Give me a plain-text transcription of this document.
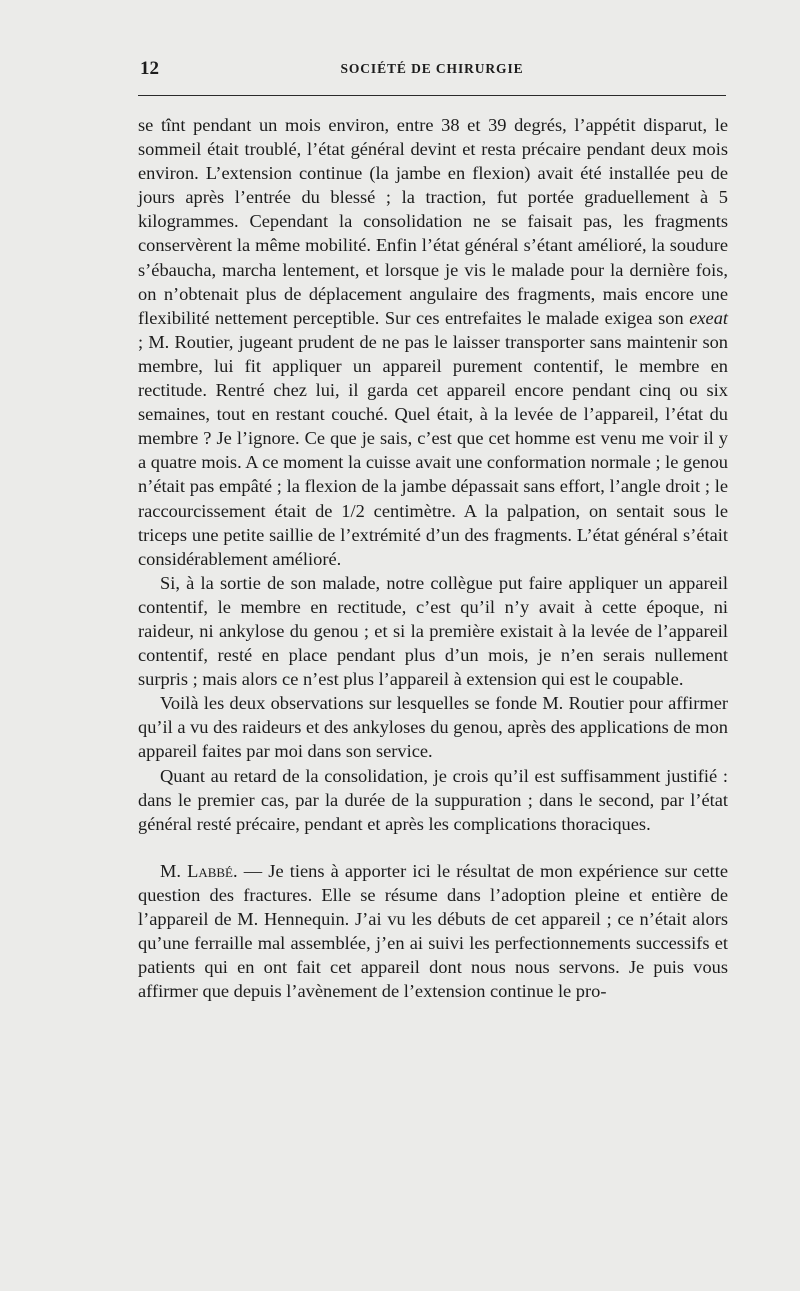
12	SOCIÉTÉ DE CHIRURGIE

se tînt pendant un mois environ, entre 38 et 39 degrés, l’appétit disparut, le sommeil était troublé, l’état général devint et resta précaire pendant deux mois environ. L’extension continue (la jambe en flexion) avait été installée peu de jours après l’entrée du blessé ; la traction, fut portée graduellement à 5 kilogrammes. Cependant la consolidation ne se faisait pas, les fragments conservèrent la même mobilité. Enfin l’état général s’étant amélioré, la soudure s’ébaucha, marcha lentement, et lorsque je vis le malade pour la dernière fois, on n’obtenait plus de déplacement angulaire des fragments, mais encore une flexibilité nettement perceptible. Sur ces entrefaites le malade exigea son exeat ; M. Routier, jugeant prudent de ne pas le laisser transporter sans maintenir son membre, lui fit appliquer un appareil purement contentif, le membre en rectitude. Rentré chez lui, il garda cet appareil encore pendant cinq ou six semaines, tout en restant couché. Quel était, à la levée de l’appareil, l’état du membre ? Je l’ignore. Ce que je sais, c’est que cet homme est venu me voir il y a quatre mois. A ce moment la cuisse avait une conformation normale ; le genou n’était pas empâté ; la flexion de la jambe dépassait sans effort, l’angle droit ; le raccourcissement était de 1/2 centimètre. A la palpation, on sentait sous le triceps une petite saillie de l’extrémité d’un des fragments. L’état général s’était considérablement amélioré.

Si, à la sortie de son malade, notre collègue put faire appliquer un appareil contentif, le membre en rectitude, c’est qu’il n’y avait à cette époque, ni raideur, ni ankylose du genou ; et si la première existait à la levée de l’appareil contentif, resté en place pendant plus d’un mois, je n’en serais nullement surpris ; mais alors ce n’est plus l’appareil à extension qui est le coupable.

Voilà les deux observations sur lesquelles se fonde M. Routier pour affirmer qu’il a vu des raideurs et des ankyloses du genou, après des applications de mon appareil faites par moi dans son service.

Quant au retard de la consolidation, je crois qu’il est suffisamment justifié : dans le premier cas, par la durée de la suppuration ; dans le second, par l’état général resté précaire, pendant et après les complications thoraciques.

M. Labbé. — Je tiens à apporter ici le résultat de mon expérience sur cette question des fractures. Elle se résume dans l’adoption pleine et entière de l’appareil de M. Hennequin. J’ai vu les débuts de cet appareil ; ce n’était alors qu’une ferraille mal assemblée, j’en ai suivi les perfectionnements successifs et patients qui en ont fait cet appareil dont nous nous servons. Je puis vous affirmer que depuis l’avènement de l’extension continue le pro-
